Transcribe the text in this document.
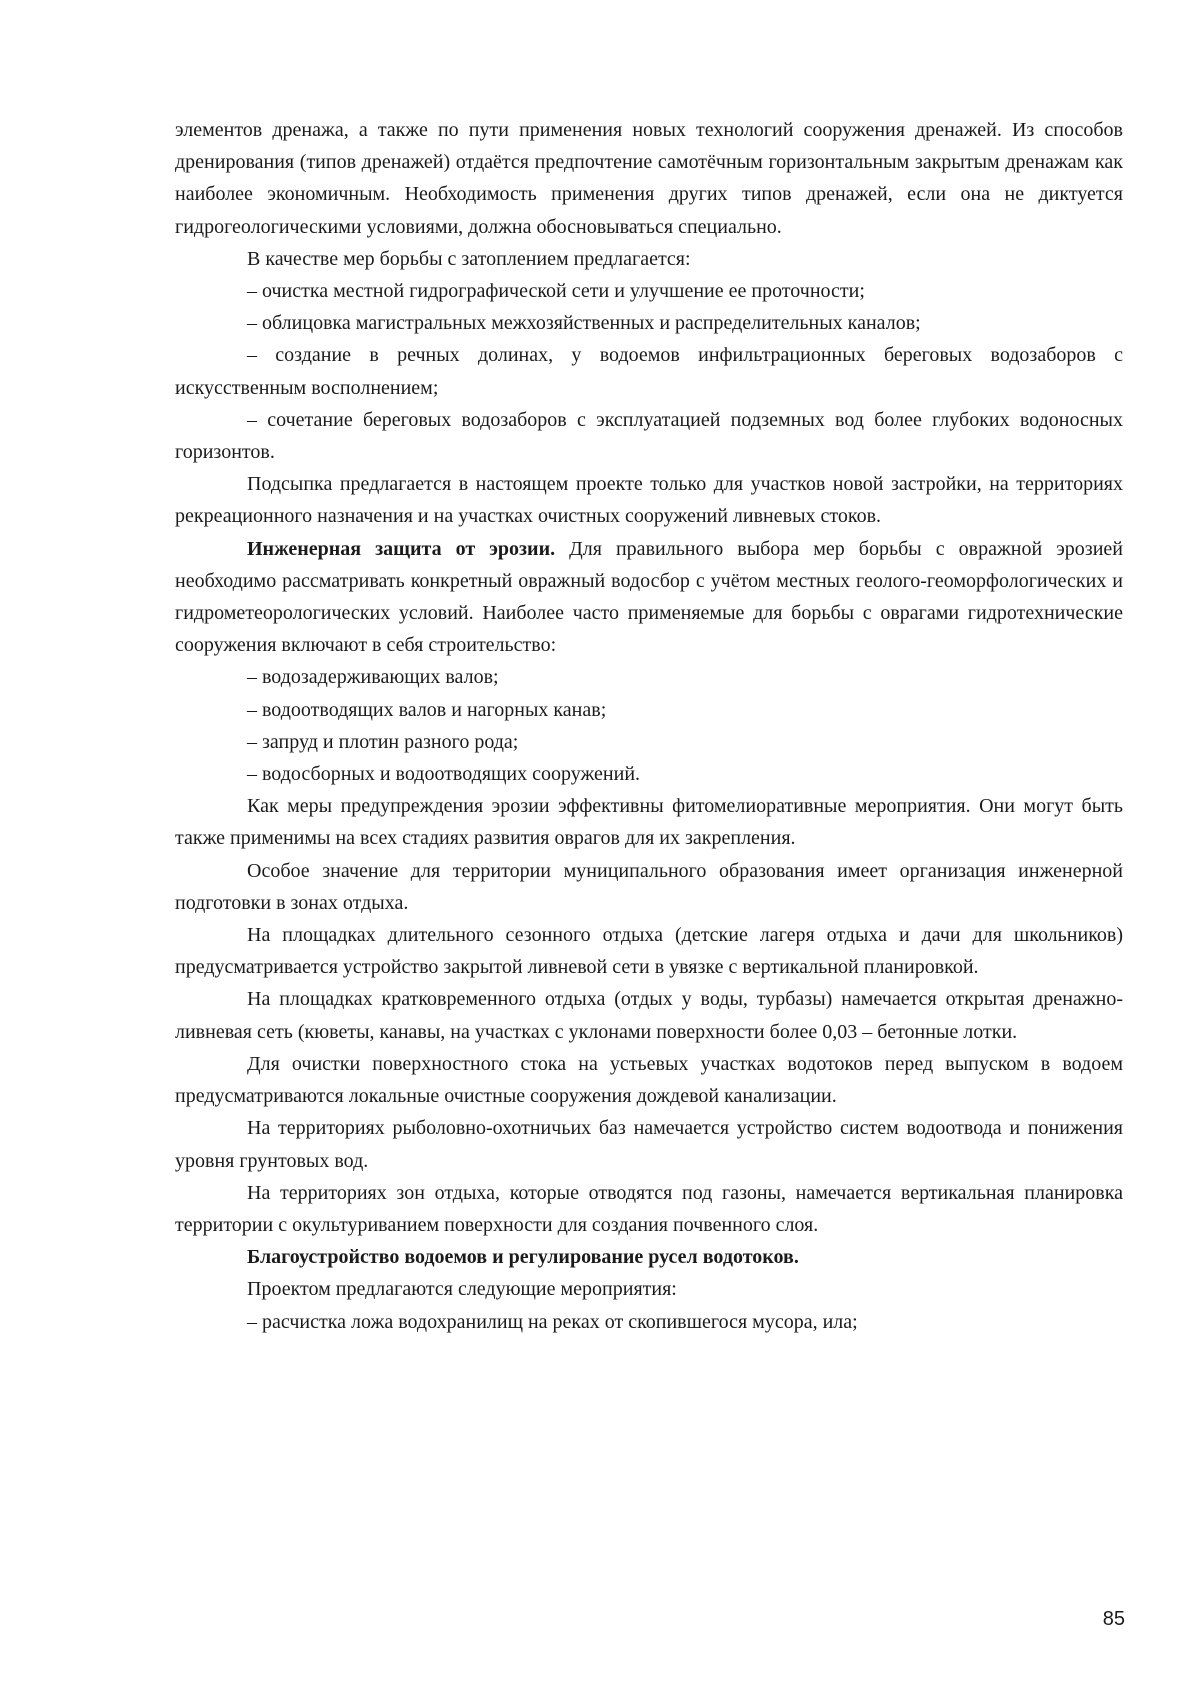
элементов дренажа, а также по пути применения новых технологий сооружения дренажей. Из способов дренирования (типов дренажей) отдаётся предпочтение самотёчным горизонтальным закрытым дренажам как наиболее экономичным. Необходимость применения других типов дренажей, если она не диктуется гидрогеологическими условиями, должна обосновываться специально.

В качестве мер борьбы с затоплением предлагается:

– очистка местной гидрографической сети и улучшение ее проточности;

– облицовка магистральных межхозяйственных и распределительных каналов;

– создание в речных долинах, у водоемов инфильтрационных береговых водозаборов с искусственным восполнением;

– сочетание береговых водозаборов с эксплуатацией подземных вод более глубоких водоносных горизонтов.

Подсыпка предлагается в настоящем проекте только для участков новой застройки, на территориях рекреационного назначения и на участках очистных сооружений ливневых стоков.

Инженерная защита от эрозии. Для правильного выбора мер борьбы с овражной эрозией необходимо рассматривать конкретный овражный водосбор с учётом местных геолого-геоморфологических и гидрометеорологических условий. Наиболее часто применяемые для борьбы с оврагами гидротехнические сооружения включают в себя строительство:

– водозадерживающих валов;

– водоотводящих валов и нагорных канав;

– запруд и плотин разного рода;

– водосборных и водоотводящих сооружений.

Как меры предупреждения эрозии эффективны фитомелиоративные мероприятия. Они могут быть также применимы на всех стадиях развития оврагов для их закрепления.

Особое значение для территории муниципального образования имеет организация инженерной подготовки в зонах отдыха.

На площадках длительного сезонного отдыха (детские лагеря отдыха и дачи для школьников) предусматривается устройство закрытой ливневой сети в увязке с вертикальной планировкой.

На площадках кратковременного отдыха (отдых у воды, турбазы) намечается открытая дренажно-ливневая сеть (кюветы, канавы, на участках с уклонами поверхности более 0,03 – бетонные лотки.

Для очистки поверхностного стока на устьевых участках водотоков перед выпуском в водоем предусматриваются локальные очистные сооружения дождевой канализации.

На территориях рыболовно-охотничьих баз намечается устройство систем водоотвода и понижения уровня грунтовых вод.

На территориях зон отдыха, которые отводятся под газоны, намечается вертикальная планировка территории с окультуриванием поверхности для создания почвенного слоя.

Благоустройство водоемов и регулирование русел водотоков.

Проектом предлагаются следующие мероприятия:

– расчистка ложа водохранилищ на реках от скопившегося мусора, ила;

85
